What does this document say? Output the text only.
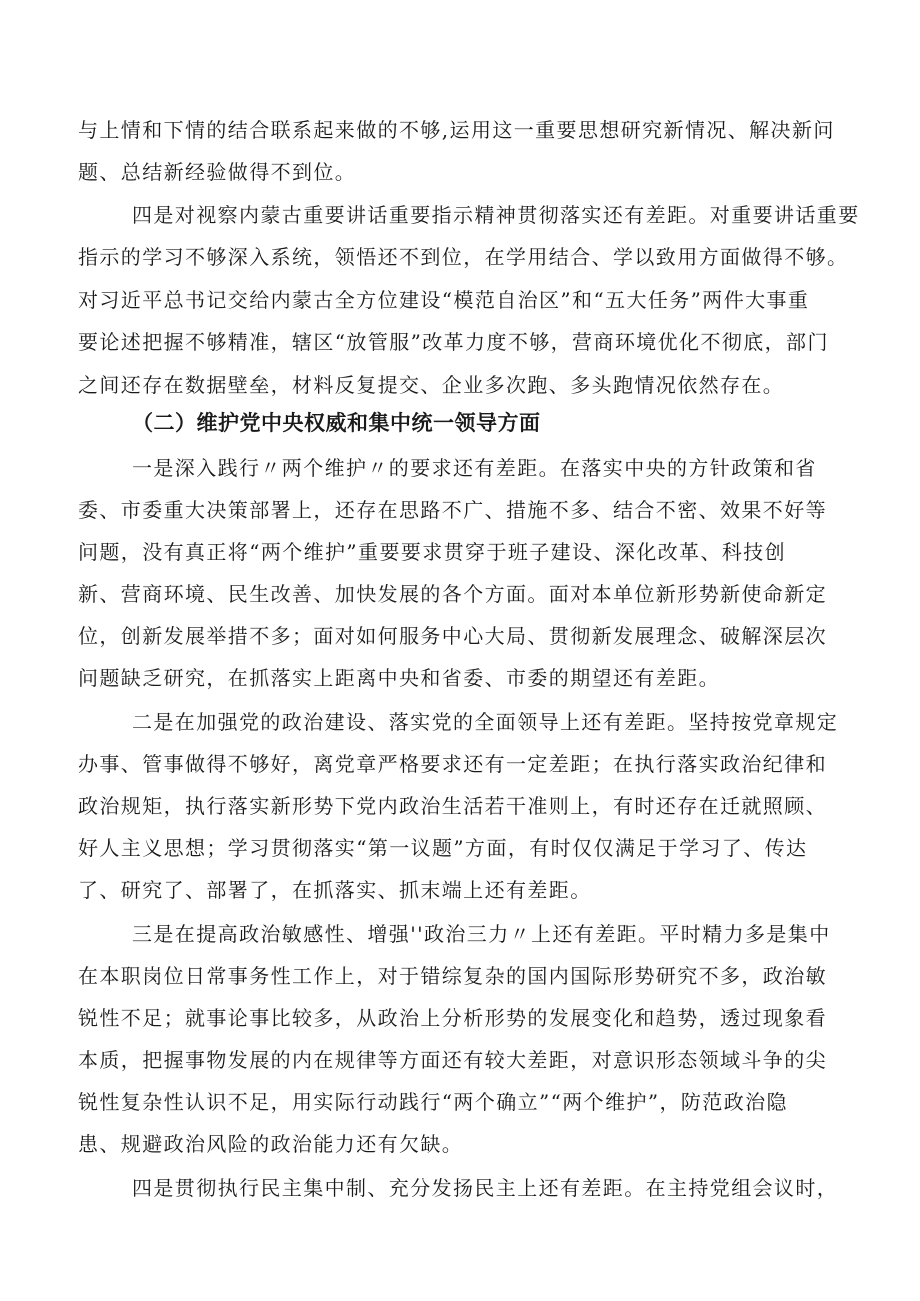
与上情和下情的结合联系起来做的不够,运用这一重要思想研究新情况、解决新问
题、总结新经验做得不到位。
四是对视察内蒙古重要讲话重要指示精神贯彻落实还有差距。对重要讲话重要
指示的学习不够深入系统，领悟还不到位，在学用结合、学以致用方面做得不够。
对习近平总书记交给内蒙古全方位建设“模范自治区”和“五大任务”两件大事重
要论述把握不够精准，辖区“放管服”改革力度不够，营商环境优化不彻底，部门
之间还存在数据壁垒，材料反复提交、企业多次跑、多头跑情况依然存在。
（二）维护党中央权威和集中统一领导方面
一是深入践行〃两个维护〃的要求还有差距。在落实中央的方针政策和省
委、市委重大决策部署上，还存在思路不广、措施不多、结合不密、效果不好等
问题，没有真正将“两个维护”重要要求贯穿于班子建设、深化改革、科技创
新、营商环境、民生改善、加快发展的各个方面。面对本单位新形势新使命新定
位，创新发展举措不多；面对如何服务中心大局、贯彻新发展理念、破解深层次
问题缺乏研究，在抓落实上距离中央和省委、市委的期望还有差距。
二是在加强党的政治建设、落实党的全面领导上还有差距。坚持按党章规定
办事、管事做得不够好，离党章严格要求还有一定差距；在执行落实政治纪律和
政治规矩，执行落实新形势下党内政治生活若干准则上，有时还存在迁就照顾、
好人主义思想；学习贯彻落实“第一议题”方面，有时仅仅满足于学习了、传达
了、研究了、部署了，在抓落实、抓末端上还有差距。
三是在提高政治敏感性、增强''政治三力〃上还有差距。平时精力多是集中
在本职岗位日常事务性工作上，对于错综复杂的国内国际形势研究不多，政治敏
锐性不足；就事论事比较多，从政治上分析形势的发展变化和趋势，透过现象看
本质，把握事物发展的内在规律等方面还有较大差距，对意识形态领域斗争的尖
锐性复杂性认识不足，用实际行动践行“两个确立”“两个维护”，防范政治隐
患、规避政治风险的政治能力还有欠缺。
四是贯彻执行民主集中制、充分发扬民主上还有差距。在主持党组会议时，
